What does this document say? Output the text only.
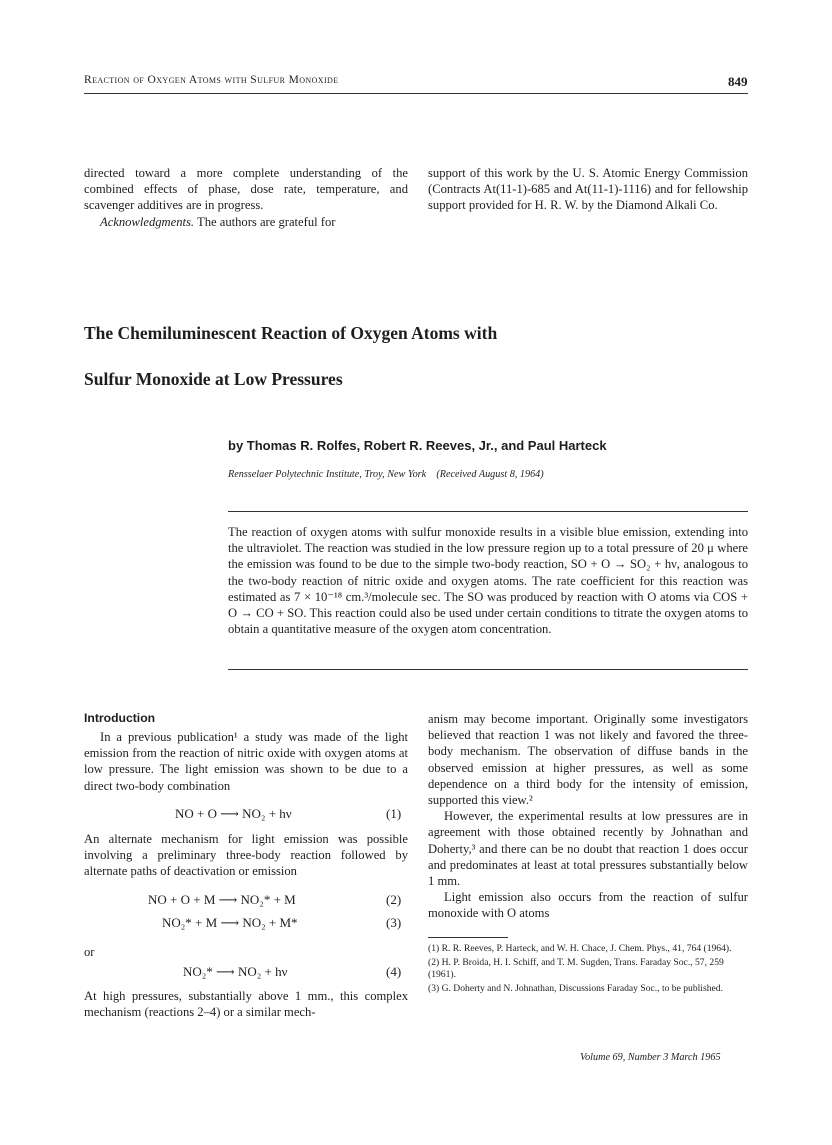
Reaction of Oxygen Atoms with Sulfur Monoxide	849

directed toward a more complete understanding of the combined effects of phase, dose rate, temperature, and scavenger additives are in progress.

Acknowledgments. The authors are grateful for

support of this work by the U. S. Atomic Energy Commission (Contracts At(11-1)-685 and At(11-1)-1116) and for fellowship support provided for H. R. W. by the Diamond Alkali Co.

The Chemiluminescent Reaction of Oxygen Atoms with
Sulfur Monoxide at Low Pressures
by Thomas R. Rolfes, Robert R. Reeves, Jr., and Paul Harteck
Rensselaer Polytechnic Institute, Troy, New York (Received August 8, 1964)

The reaction of oxygen atoms with sulfur monoxide results in a visible blue emission, extending into the ultraviolet. The reaction was studied in the low pressure region up to a total pressure of 20 μ where the emission was found to be due to the simple two-body reaction, SO + O → SO₂ + hν, analogous to the two-body reaction of nitric oxide and oxygen atoms. The rate coefficient for this reaction was estimated as 7 × 10⁻¹⁸ cm.³/molecule sec. The SO was produced by reaction with O atoms via COS + O → CO + SO. This reaction could also be used under certain conditions to titrate the oxygen atoms to obtain a quantitative measure of the oxygen atom concentration.

Introduction

In a previous publication¹ a study was made of the light emission from the reaction of nitric oxide with oxygen atoms at low pressure. The light emission was shown to be due to a direct two-body combination

NO + O ⟶ NO₂ + hν	(1)

An alternate mechanism for light emission was possible involving a preliminary three-body reaction followed by alternate paths of deactivation or emission

NO + O + M ⟶ NO₂* + M	(2)
NO₂* + M ⟶ NO₂ + M*	(3)
or
NO₂* ⟶ NO₂ + hν	(4)

At high pressures, substantially above 1 mm., this complex mechanism (reactions 2–4) or a similar mech-

anism may become important. Originally some investigators believed that reaction 1 was not likely and favored the three-body mechanism. The observation of diffuse bands in the observed emission at higher pressures, as well as some dependence on a third body for the intensity of emission, supported this view.²

However, the experimental results at low pressures are in agreement with those obtained recently by Johnathan and Doherty,³ and there can be no doubt that reaction 1 does occur and predominates at least at total pressures substantially below 1 mm.

Light emission also occurs from the reaction of sulfur monoxide with O atoms

(1) R. R. Reeves, P. Harteck, and W. H. Chace, J. Chem. Phys., 41, 764 (1964).

(2) H. P. Broida, H. I. Schiff, and T. M. Sugden, Trans. Faraday Soc., 57, 259 (1961).

(3) G. Doherty and N. Johnathan, Discussions Faraday Soc., to be published.

Volume 69, Number 3 March 1965
